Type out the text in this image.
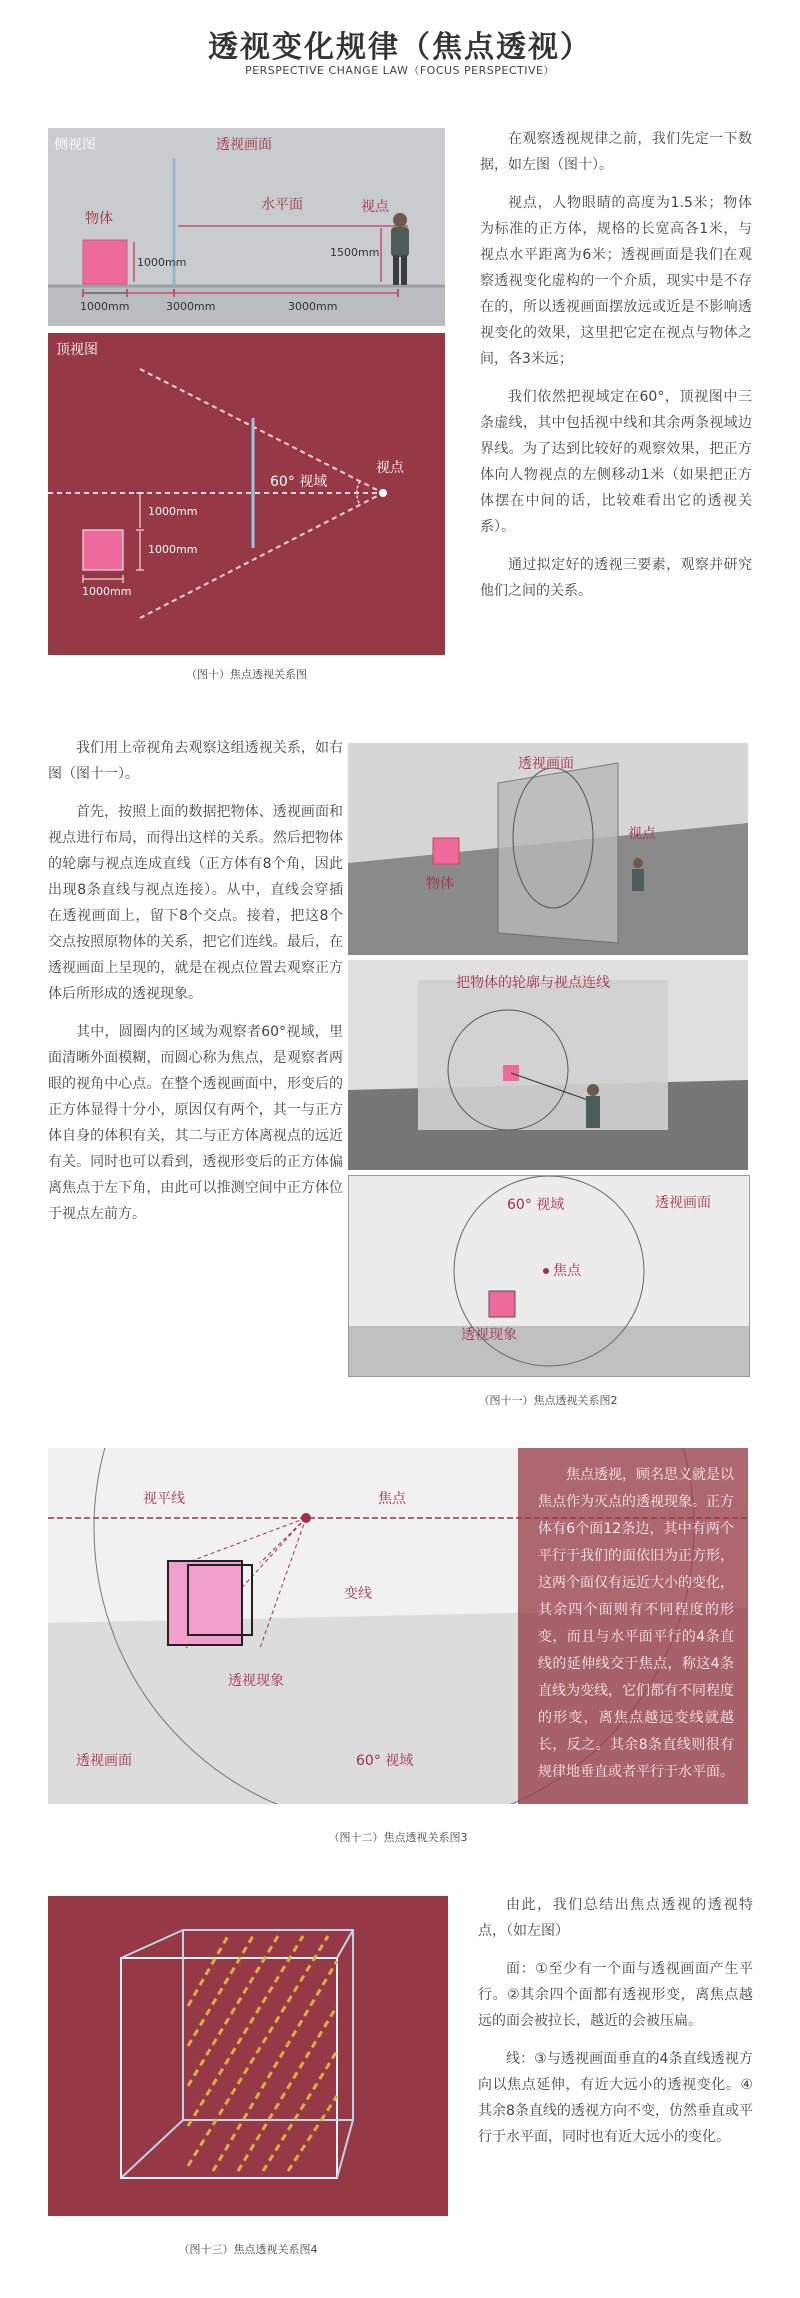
透视变化规律（焦点透视）
PERSPECTIVE CHANGE LAW（FOCUS PERSPECTIVE）
侧视图	透视画面
物体
水平面	视点
1000mm
1500mm
1000mm	3000mm	3000mm
顶视图
60° 视域
视点
1000mm
1000mm
1000mm
（图十）焦点透视关系图

在观察透视规律之前，我们先定一下数据，如左图（图十）。

视点，人物眼睛的高度为1.5米；物体为标准的正方体，规格的长宽高各1米，与视点水平距离为6米；透视画面是我们在观察透视变化虚构的一个介质，现实中是不存在的，所以透视画面摆放远或近是不影响透视变化的效果，这里把它定在视点与物体之间，各3米远；

我们依然把视域定在60°，顶视图中三条虚线，其中包括视中线和其余两条视域边界线。为了达到比较好的观察效果，把正方体向人物视点的左侧移动1米（如果把正方体摆在中间的话，比较难看出它的透视关系）。

通过拟定好的透视三要素，观察并研究他们之间的关系。

我们用上帝视角去观察这组透视关系，如右图（图十一）。

首先，按照上面的数据把物体、透视画面和视点进行布局，而得出这样的关系。然后把物体的轮廓与视点连成直线（正方体有8个角，因此出现8条直线与视点连接）。从中，直线会穿插在透视画面上，留下8个交点。接着，把这8个交点按照原物体的关系，把它们连线。最后，在透视画面上呈现的，就是在视点位置去观察正方体后所形成的透视现象。

其中，圆圈内的区域为观察者60°视域，里面清晰外面模糊，而圆心称为焦点，是观察者两眼的视角中心点。在整个透视画面中，形变后的正方体显得十分小，原因仅有两个，其一与正方体自身的体积有关，其二与正方体离视点的远近有关。同时也可以看到，透视形变后的正方体偏离焦点于左下角，由此可以推测空间中正方体位于视点左前方。

透视画面
视点
物体
把物体的轮廓与视点连线
60° 视域	透视画面
焦点
透视现象
（图十一）焦点透视关系图2
视平线	焦点
变线
透视现象
透视画面	60° 视域
焦点透视，顾名思义就是以焦点作为灭点的透视现象。正方体有6个面12条边，其中有两个平行于我们的面依旧为正方形，这两个面仅有远近大小的变化，其余四个面则有不同程度的形变，而且与水平面平行的4条直线的延伸线交于焦点，称这4条直线为变线，它们都有不同程度的形变，离焦点越远变线就越长，反之。其余8条直线则很有规律地垂直或者平行于水平面。
（图十二）焦点透视关系图3
（图十三）焦点透视关系图4

由此，我们总结出焦点透视的透视特点，（如左图）

面：①至少有一个面与透视画面产生平行。②其余四个面都有透视形变，离焦点越远的面会被拉长，越近的会被压扁。

线：③与透视画面垂直的4条直线透视方向以焦点延伸，有近大远小的透视变化。④其余8条直线的透视方向不变，仿然垂直或平行于水平面，同时也有近大远小的变化。
